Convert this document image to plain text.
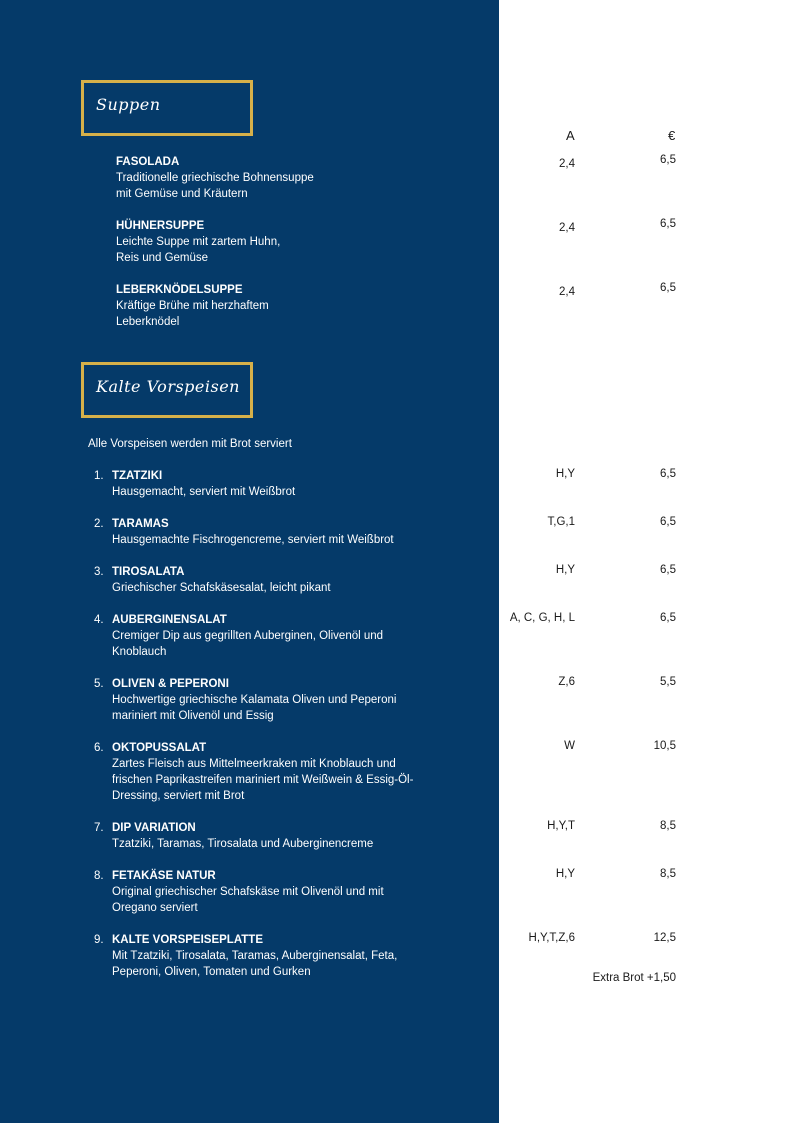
Suppen
A	€
FASOLADA
Traditionelle griechische Bohnensuppe
mit Gemüse und Kräutern
2,4	6,5
HÜHNERSUPPE
Leichte Suppe mit zartem Huhn,
Reis und Gemüse
2,4	6,5
LEBERKNÖDELSUPPE
Kräftige Brühe mit herzhaftem
Leberknödel
2,4	6,5
Kalte Vorspeisen
Alle Vorspeisen werden mit Brot serviert
1. TZATZIKI
Hausgemacht, serviert mit Weißbrot
H,Y	6,5
2. TARAMAS
Hausgemachte Fischrogencreme, serviert mit Weißbrot
T,G,1	6,5
3. TIROSALATA
Griechischer Schafskäsesalat, leicht pikant
H,Y	6,5
4. AUBERGINENSALAT
Cremiger Dip aus gegrillten Auberginen, Olivenöl und
Knoblauch
A, C, G, H, L	6,5
5. OLIVEN & PEPERONI
Hochwertige griechische Kalamata Oliven und Peperoni
mariniert mit Olivenöl und Essig
Z,6	5,5
6. OKTOPUSSALAT
Zartes Fleisch aus Mittelmeerkraken mit Knoblauch und
frischen Paprikastreifen mariniert mit Weißwein & Essig-Öl-
Dressing, serviert mit Brot
W	10,5
7. DIP VARIATION
Tzatziki, Taramas, Tirosalata und Auberginencreme
H,Y,T	8,5
8. FETAKÄSE NATUR
Original griechischer Schafskäse mit Olivenöl und mit
Oregano serviert
H,Y	8,5
9. KALTE VORSPEISEPLATTE
Mit Tzatziki, Tirosalata, Taramas, Auberginensalat, Feta,
Peperoni, Oliven, Tomaten und Gurken
H,Y,T,Z,6	12,5
Extra Brot +1,50
